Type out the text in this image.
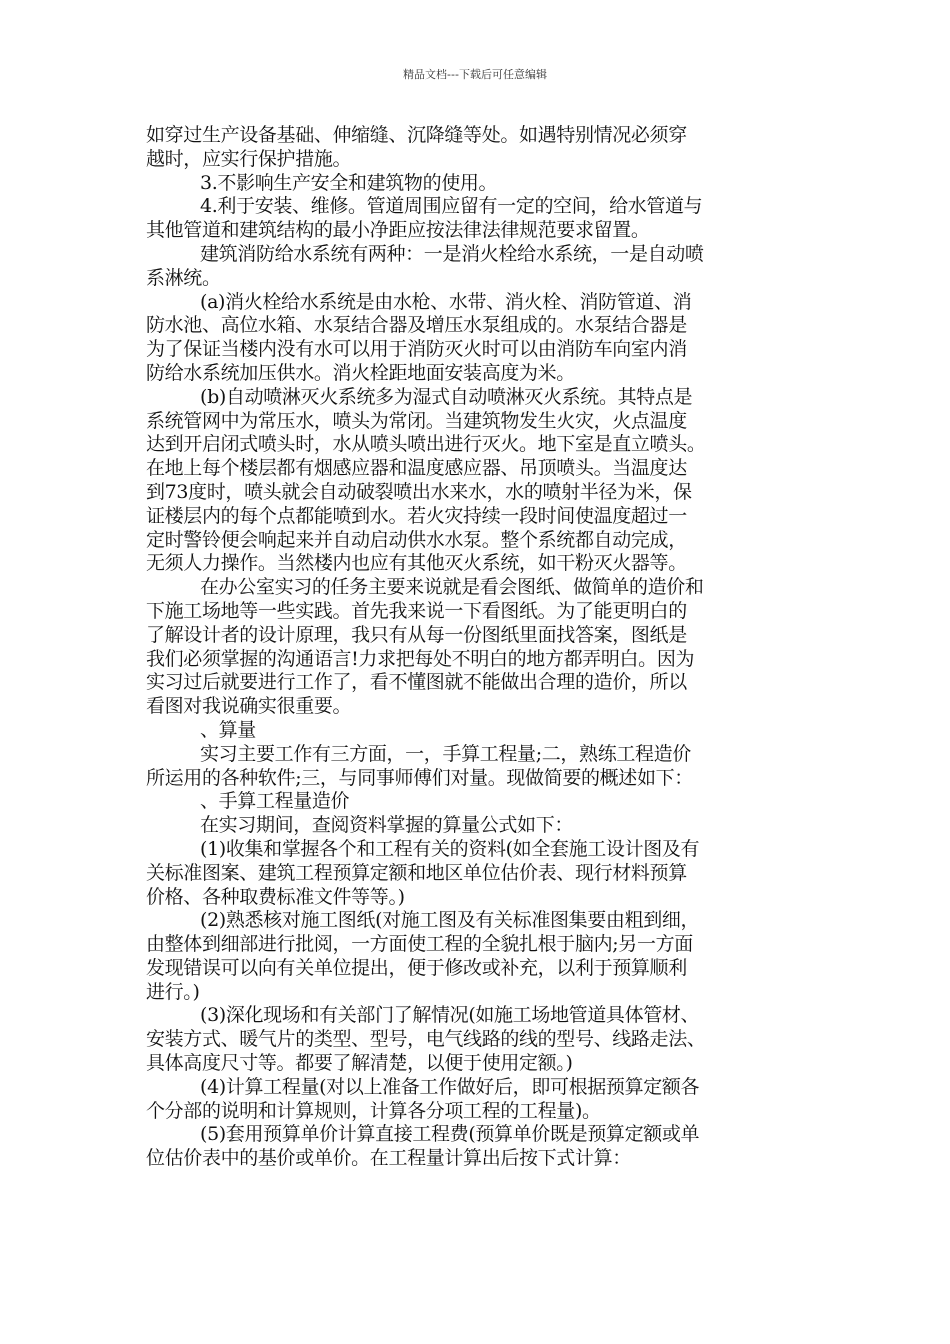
精品文档---下载后可任意编辑
如穿过生产设备基础、伸缩缝、沉降缝等处。如遇特别情况必须穿
越时，应实行保护措施。
3.不影响生产安全和建筑物的使用。
4.利于安装、维修。管道周围应留有一定的空间，给水管道与
其他管道和建筑结构的最小净距应按法律法律规范要求留置。
建筑消防给水系统有两种：一是消火栓给水系统，一是自动喷
系淋统。
(a)消火栓给水系统是由水枪、水带、消火栓、消防管道、消
防水池、高位水箱、水泵结合器及增压水泵组成的。水泵结合器是
为了保证当楼内没有水可以用于消防灭火时可以由消防车向室内消
防给水系统加压供水。消火栓距地面安装高度为米。
(b)自动喷淋灭火系统多为湿式自动喷淋灭火系统。其特点是
系统管网中为常压水，喷头为常闭。当建筑物发生火灾，火点温度
达到开启闭式喷头时，水从喷头喷出进行灭火。地下室是直立喷头。
在地上每个楼层都有烟感应器和温度感应器、吊顶喷头。当温度达
到73度时，喷头就会自动破裂喷出水来水，水的喷射半径为米，保
证楼层内的每个点都能喷到水。若火灾持续一段时间使温度超过一
定时警铃便会响起来并自动启动供水水泵。整个系统都自动完成，
无须人力操作。当然楼内也应有其他灭火系统，如干粉灭火器等。
在办公室实习的任务主要来说就是看会图纸、做简单的造价和
下施工场地等一些实践。首先我来说一下看图纸。为了能更明白的
了解设计者的设计原理，我只有从每一份图纸里面找答案，图纸是
我们必须掌握的沟通语言!力求把每处不明白的地方都弄明白。因为
实习过后就要进行工作了，看不懂图就不能做出合理的造价，所以
看图对我说确实很重要。
、算量
实习主要工作有三方面，一，手算工程量;二，熟练工程造价
所运用的各种软件;三，与同事师傅们对量。现做简要的概述如下：
、手算工程量造价
在实习期间，查阅资料掌握的算量公式如下：
(1)收集和掌握各个和工程有关的资料(如全套施工设计图及有
关标准图案、建筑工程预算定额和地区单位估价表、现行材料预算
价格、各种取费标准文件等等。)
(2)熟悉核对施工图纸(对施工图及有关标准图集要由粗到细，
由整体到细部进行批阅，一方面使工程的全貌扎根于脑内;另一方面
发现错误可以向有关单位提出，便于修改或补充，以利于预算顺利
进行。)
(3)深化现场和有关部门了解情况(如施工场地管道具体管材、
安装方式、暖气片的类型、型号，电气线路的线的型号、线路走法、
具体高度尺寸等。都要了解清楚，以便于使用定额。)
(4)计算工程量(对以上准备工作做好后，即可根据预算定额各
个分部的说明和计算规则，计算各分项工程的工程量)。
(5)套用预算单价计算直接工程费(预算单价既是预算定额或单
位估价表中的基价或单价。在工程量计算出后按下式计算：
